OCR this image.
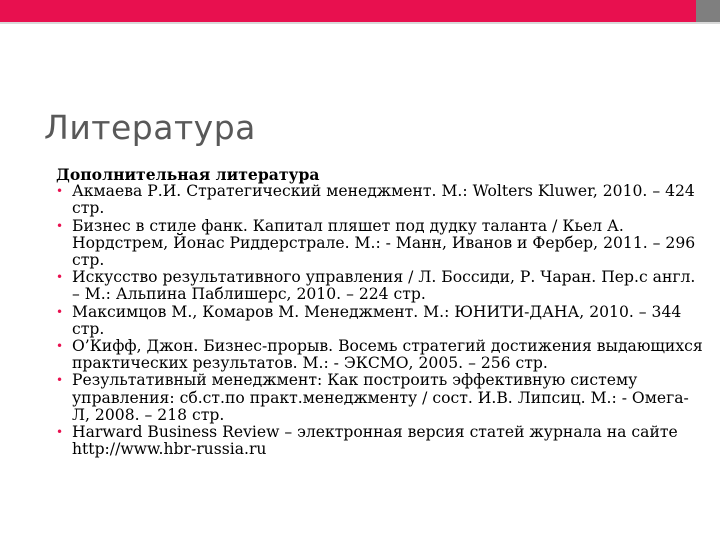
Литература
Дополнительная литература
• Акмаева Р.И. Стратегический менеджмент. М.: Wolters Kluwer, 2010. – 424 стр.
• Бизнес в стиле фанк. Капитал пляшет под дудку таланта / Кьел А. Нордстрем, Йонас Риддерстрале. М.: - Манн, Иванов и Фербер, 2011. – 296 стр.
• Искусство результативного управления / Л. Боссиди, Р. Чаран. Пер.с англ. – М.: Альпина Паблишерс, 2010. – 224 стр.
• Максимцов М., Комаров М. Менеджмент. М.: ЮНИТИ-ДАНА, 2010. – 344 стр.
• О’Кифф, Джон. Бизнес-прорыв. Восемь стратегий достижения выдающихся практических результатов. М.: - ЭКСМО, 2005. – 256 стр.
• Результативный менеджмент: Как построить эффективную систему управления: сб.ст.по практ.менеджменту / сост. И.В. Липсиц. М.: - Омега-Л, 2008. – 218 стр.
• Harward Business Review – электронная версия статей журнала на сайте http://www.hbr-russia.ru
